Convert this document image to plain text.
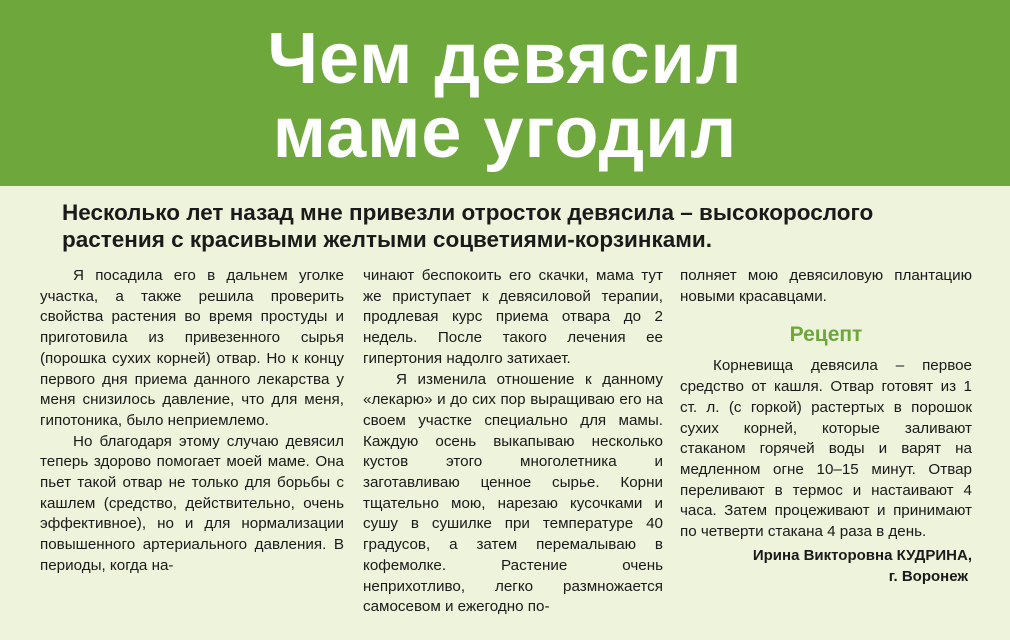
Чем девясил
маме угодил

Несколько лет назад мне привезли отросток девясила – высокорослого растения с красивыми желтыми соцветиями-корзинками.

Я посадила его в дальнем уголке участка, а также решила проверить свойства растения во время простуды и приготовила из привезенного сырья (порошка сухих корней) отвар. Но к концу первого дня приема данного лекарства у меня снизилось давление, что для меня, гипотоника, было неприемлемо.

Но благодаря этому случаю девясил теперь здорово помогает моей маме. Она пьет такой отвар не только для борьбы с кашлем (средство, действительно, очень эффективное), но и для нормализации повышенного артериального давления. В периоды, когда на-

чинают беспокоить его скачки, мама тут же приступает к девясиловой терапии, продлевая курс приема отвара до 2 недель. После такого лечения ее гипертония надолго затихает.

Я изменила отношение к данному «лекарю» и до сих пор выращиваю его на своем участке специально для мамы. Каждую осень выкапываю несколько кустов этого многолетника и заготавливаю ценное сырье. Корни тщательно мою, нарезаю кусочками и сушу в сушилке при температуре 40 градусов, а затем перемалываю в кофемолке. Растение очень неприхотливо, легко размножается самосевом и ежегодно по-

полняет мою девясиловую плантацию новыми красавцами.

Рецепт

Корневища девясила – первое средство от кашля. Отвар готовят из 1 ст. л. (с горкой) растертых в порошок сухих корней, которые заливают стаканом горячей воды и варят на медленном огне 10–15 минут. Отвар переливают в термос и настаивают 4 часа. Затем процеживают и принимают по четверти стакана 4 раза в день.

Ирина Викторовна КУДРИНА,
г. Воронеж
